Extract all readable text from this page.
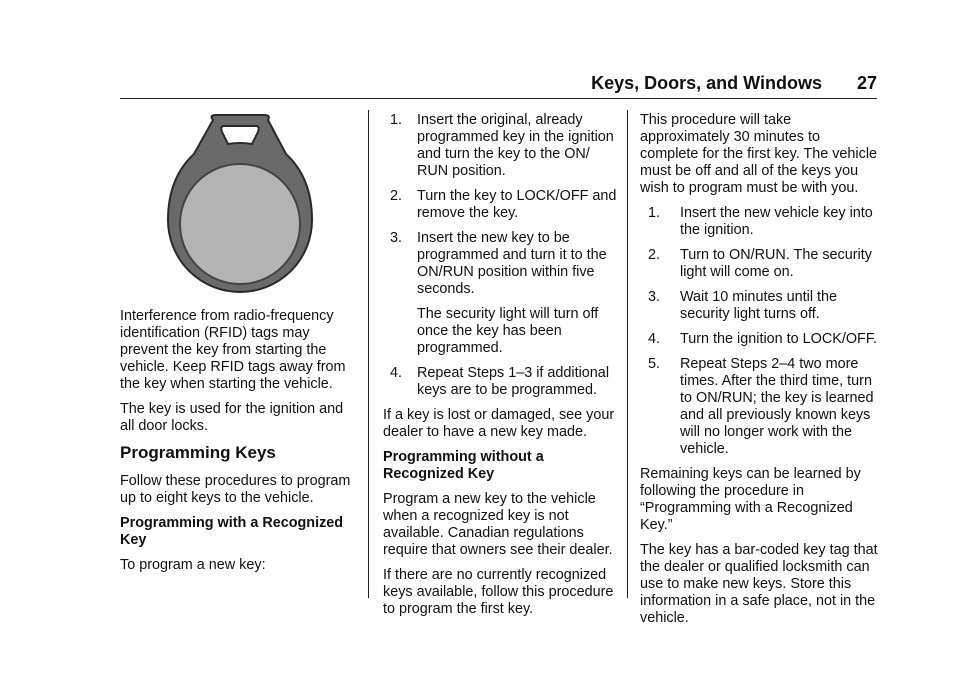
Keys, Doors, and Windows 27

Interference from radio-frequency identification (RFID) tags may prevent the key from starting the vehicle. Keep RFID tags away from the key when starting the vehicle.

The key is used for the ignition and all door locks.

Programming Keys

Follow these procedures to program up to eight keys to the vehicle.

Programming with a Recognized Key

To program a new key:

1.	Insert the original, already programmed key in the ignition and turn the key to the ON/ RUN position.

2.	Turn the key to LOCK/OFF and remove the key.

3.	Insert the new key to be programmed and turn it to the ON/RUN position within five seconds.

The security light will turn off once the key has been programmed.

4.	Repeat Steps 1–3 if additional keys are to be programmed.

If a key is lost or damaged, see your dealer to have a new key made.

Programming without a Recognized Key

Program a new key to the vehicle when a recognized key is not available. Canadian regulations require that owners see their dealer.

If there are no currently recognized keys available, follow this procedure to program the first key.

This procedure will take approximately 30 minutes to complete for the first key. The vehicle must be off and all of the keys you wish to program must be with you.

1.	Insert the new vehicle key into the ignition.

2.	Turn to ON/RUN. The security light will come on.

3.	Wait 10 minutes until the security light turns off.

4.	Turn the ignition to LOCK/OFF.

5.	Repeat Steps 2–4 two more times. After the third time, turn to ON/RUN; the key is learned and all previously known keys will no longer work with the vehicle.

Remaining keys can be learned by following the procedure in “Programming with a Recognized Key.”

The key has a bar-coded key tag that the dealer or qualified locksmith can use to make new keys. Store this information in a safe place, not in the vehicle.
